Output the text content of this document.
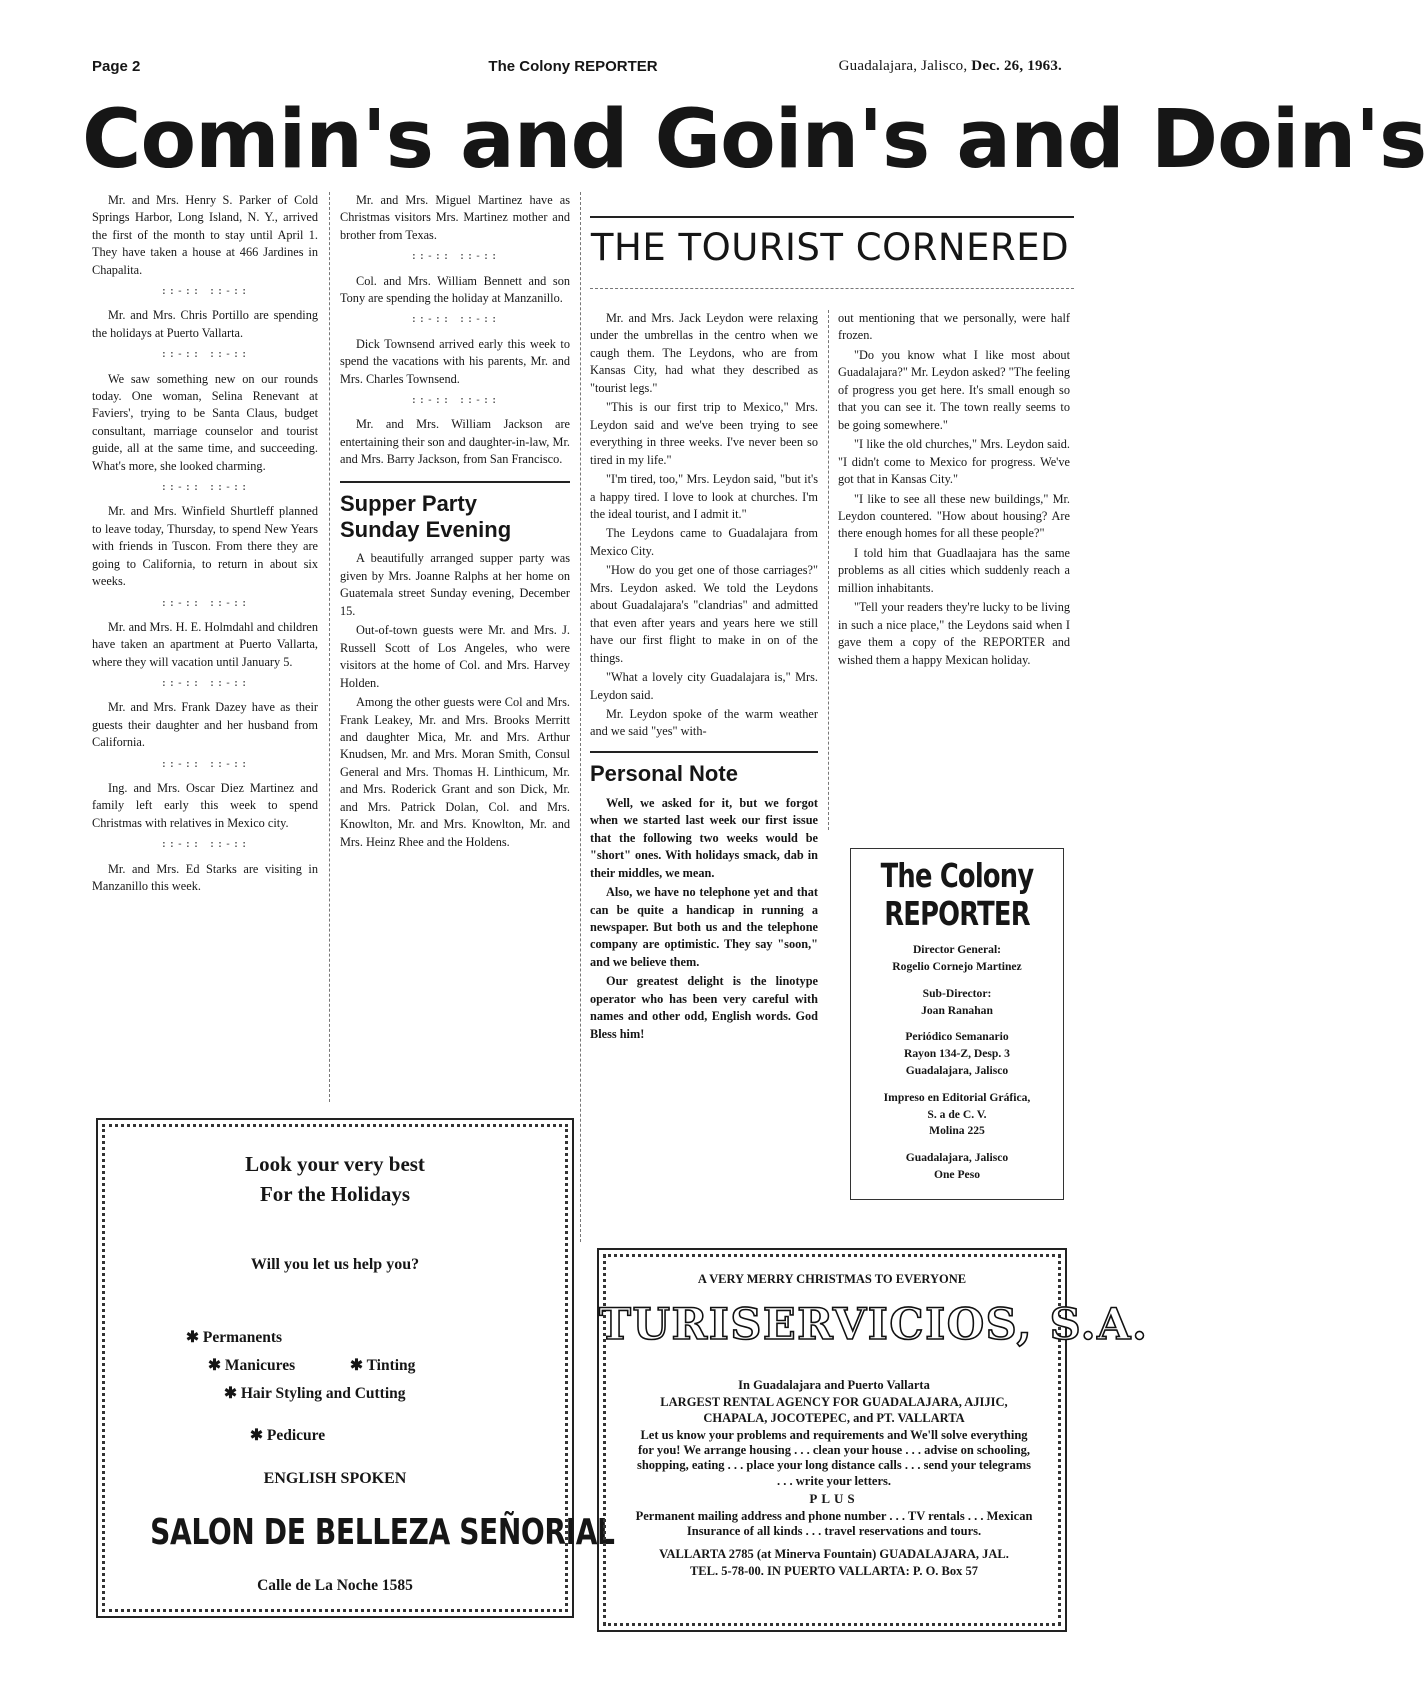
The Colony REPORTER
Page 2	Guadalajara, Jalisco, Dec. 26, 1963.
Comin's and Goin's and Doin's

Mr. and Mrs. Henry S. Parker of Cold Springs Harbor, Long Island, N. Y., arrived the first of the month to stay until April 1. They have taken a house at 466 Jardines in Chapalita.

::-:: ::-::

Mr. and Mrs. Chris Portillo are spending the holidays at Puerto Vallarta.

::-:: ::-::

We saw something new on our rounds today. One woman, Selina Renevant at Faviers', trying to be Santa Claus, budget consultant, marriage counselor and tourist guide, all at the same time, and succeeding. What's more, she looked charming.

::-:: ::-::

Mr. and Mrs. Winfield Shurtleff planned to leave today, Thursday, to spend New Years with friends in Tuscon. From there they are going to California, to return in about six weeks.

::-:: ::-::

Mr. and Mrs. H. E. Holmdahl and children have taken an apartment at Puerto Vallarta, where they will vacation until January 5.

::-:: ::-::

Mr. and Mrs. Frank Dazey have as their guests their daughter and her husband from California.

::-:: ::-::

Ing. and Mrs. Oscar Diez Martinez and family left early this week to spend Christmas with relatives in Mexico city.

::-:: ::-::

Mr. and Mrs. Ed Starks are visiting in Manzanillo this week.

Mr. and Mrs. Miguel Martinez have as Christmas visitors Mrs. Martinez mother and brother from Texas.

::-:: ::-::

Col. and Mrs. William Bennett and son Tony are spending the holiday at Manzanillo.

::-:: ::-::

Dick Townsend arrived early this week to spend the vacations with his parents, Mr. and Mrs. Charles Townsend.

::-:: ::-::

Mr. and Mrs. William Jackson are entertaining their son and daughter-in-law, Mr. and Mrs. Barry Jackson, from San Francisco.

Supper Party
Sunday Evening

A beautifully arranged supper party was given by Mrs. Joanne Ralphs at her home on Guatemala street Sunday evening, December 15.

Out-of-town guests were Mr. and Mrs. J. Russell Scott of Los Angeles, who were visitors at the home of Col. and Mrs. Harvey Holden.

Among the other guests were Col and Mrs. Frank Leakey, Mr. and Mrs. Brooks Merritt and daughter Mica, Mr. and Mrs. Arthur Knudsen, Mr. and Mrs. Moran Smith, Consul General and Mrs. Thomas H. Linthicum, Mr. and Mrs. Roderick Grant and son Dick, Mr. and Mrs. Patrick Dolan, Col. and Mrs. Knowlton, Mr. and Mrs. Knowlton, Mr. and Mrs. Heinz Rhee and the Holdens.

THE TOURIST CORNERED

Mr. and Mrs. Jack Leydon were relaxing under the umbrellas in the centro when we caugh them. The Leydons, who are from Kansas City, had what they described as "tourist legs."

"This is our first trip to Mexico," Mrs. Leydon said and we've been trying to see everything in three weeks. I've never been so tired in my life."

"I'm tired, too," Mrs. Leydon said, "but it's a happy tired. I love to look at churches. I'm the ideal tourist, and I admit it."

The Leydons came to Guadalajara from Mexico City.

"How do you get one of those carriages?" Mrs. Leydon asked. We told the Leydons about Guadalajara's "clandrias" and admitted that even after years and years here we still have our first flight to make in on of the things.

"What a lovely city Guadalajara is," Mrs. Leydon said.

Mr. Leydon spoke of the warm weather and we said "yes" with-

Personal Note

Well, we asked for it, but we forgot when we started last week our first issue that the following two weeks would be "short" ones. With holidays smack, dab in their middles, we mean.

Also, we have no telephone yet and that can be quite a handicap in running a newspaper. But both us and the telephone company are optimistic. They say "soon," and we believe them.

Our greatest delight is the linotype operator who has been very careful with names and other odd, English words. God Bless him!

out mentioning that we personally, were half frozen.

"Do you know what I like most about Guadalajara?" Mr. Leydon asked? "The feeling of progress you get here. It's small enough so that you can see it. The town really seems to be going somewhere."

"I like the old churches," Mrs. Leydon said. "I didn't come to Mexico for progress. We've got that in Kansas City."

"I like to see all these new buildings," Mr. Leydon countered. "How about housing? Are there enough homes for all these people?"

I told him that Guadlaajara has the same problems as all cities which suddenly reach a million inhabitants.

"Tell your readers they're lucky to be living in such a nice place," the Leydons said when I gave them a copy of the REPORTER and wished them a happy Mexican holiday.

The Colony
REPORTER
Director General:
Rogelio Cornejo Martinez
Sub-Director:
Joan Ranahan
Periódico Semanario
Rayon 134-Z, Desp. 3
Guadalajara, Jalisco
Impreso en Editorial Gráfica,
S. a de C. V.
Molina 225
Guadalajara, Jalisco
One Peso
Look your very best
For the Holidays
Will you let us help you?
✱ Permanents
✱ Manicures	✱ Tinting
✱ Hair Styling and Cutting
✱ Pedicure
ENGLISH SPOKEN
SALON DE BELLEZA SEÑORIAL
Calle de La Noche 1585
A VERY MERRY CHRISTMAS TO EVERYONE
TURISERVICIOS, S.A.

In Guadalajara and Puerto Vallarta

LARGEST RENTAL AGENCY FOR GUADALAJARA, AJIJIC, CHAPALA, JOCOTEPEC, and PT. VALLARTA

Let us know your problems and requirements and We'll solve everything for you! We arrange housing . . . clean your house . . . advise on schooling, shopping, eating . . . place your long distance calls . . . send your telegrams . . . write your letters.

PLUS

Permanent mailing address and phone number . . . TV rentals . . . Mexican Insurance of all kinds . . . travel reservations and tours.

VALLARTA 2785 (at Minerva Fountain) GUADALAJARA, JAL.

TEL. 5-78-00. IN PUERTO VALLARTA: P. O. Box 57
